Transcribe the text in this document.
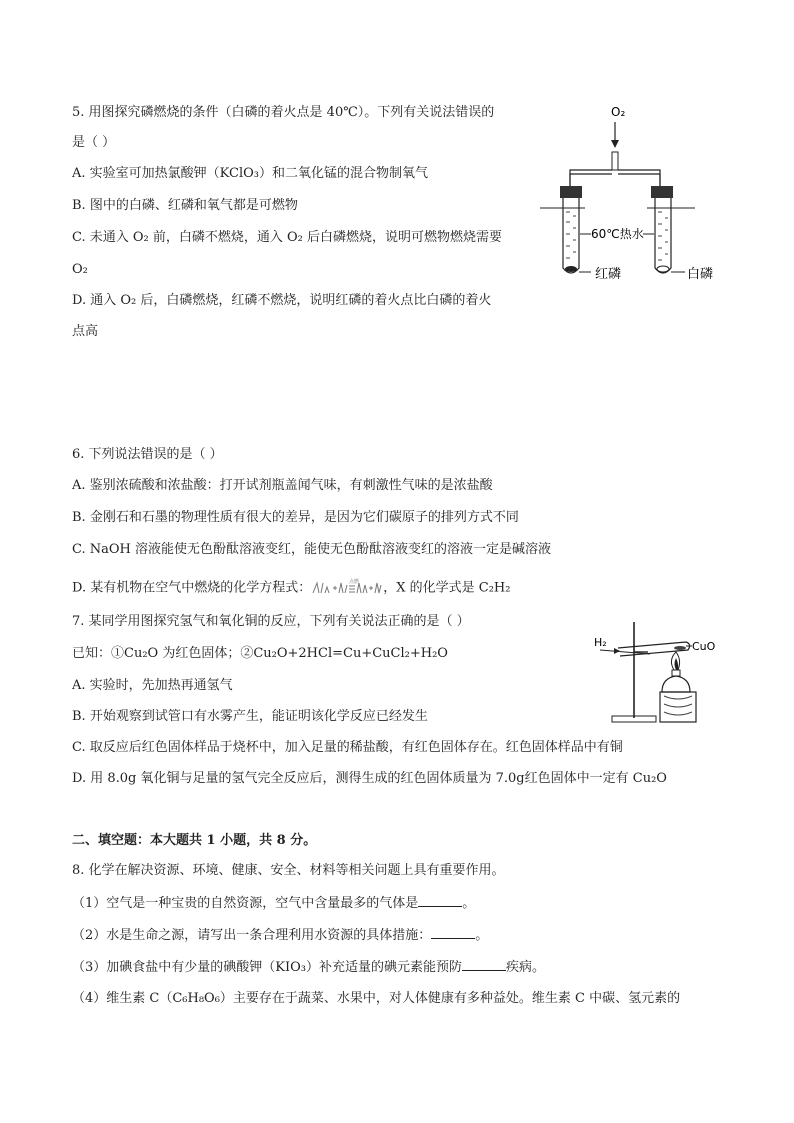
5. 用图探究磷燃烧的条件（白磷的着火点是 40℃）。下列有关说法错误的
是（ ）
A. 实验室可加热氯酸钾（KClO₃）和二氧化锰的混合物制氧气
B. 图中的白磷、红磷和氧气都是可燃物
C. 未通入 O₂ 前，白磷不燃烧，通入 O₂ 后白磷燃烧，说明可燃物燃烧需要
O₂
D. 通入 O₂ 后，白磷燃烧，红磷不燃烧，说明红磷的着火点比白磷的着火
点高
O₂
60℃热水
红磷	白磷
6. 下列说法错误的是（ ）
A. 鉴别浓硫酸和浓盐酸：打开试剂瓶盖闻气味，有刺激性气味的是浓盐酸
B. 金刚石和石墨的物理性质有很大的差异，是因为它们碳原子的排列方式不同
C. NaOH 溶液能使无色酚酞溶液变红，能使无色酚酞溶液变红的溶液一定是碱溶液
D. 某有机物在空气中燃烧的化学方程式：	点燃 ，X 的化学式是 C₂H₂
7. 某同学用图探究氢气和氧化铜的反应，下列有关说法正确的是（ ）
已知：①Cu₂O 为红色固体；②Cu₂O+2HCl=Cu+CuCl₂+H₂O
A. 实验时，先加热再通氢气
B. 开始观察到试管口有水雾产生，能证明该化学反应已经发生
C. 取反应后红色固体样品于烧杯中，加入足量的稀盐酸，有红色固体存在。红色固体样品中有铜
D. 用 8.0g 氧化铜与足量的氢气完全反应后，测得生成的红色固体质量为 7.0g红色固体中一定有 Cu₂O
H₂	CuO
二、填空题：本大题共 1 小题，共 8 分。
8. 化学在解决资源、环境、健康、安全、材料等相关问题上具有重要作用。
（1）空气是一种宝贵的自然资源，空气中含量最多的气体是	。
（2）水是生命之源，请写出一条合理利用水资源的具体措施：	。
（3）加碘食盐中有少量的碘酸钾（KIO₃）补充适量的碘元素能预防	疾病。
（4）维生素 C（C₆H₈O₆）主要存在于蔬菜、水果中，对人体健康有多种益处。维生素 C 中碳、氢元素的
